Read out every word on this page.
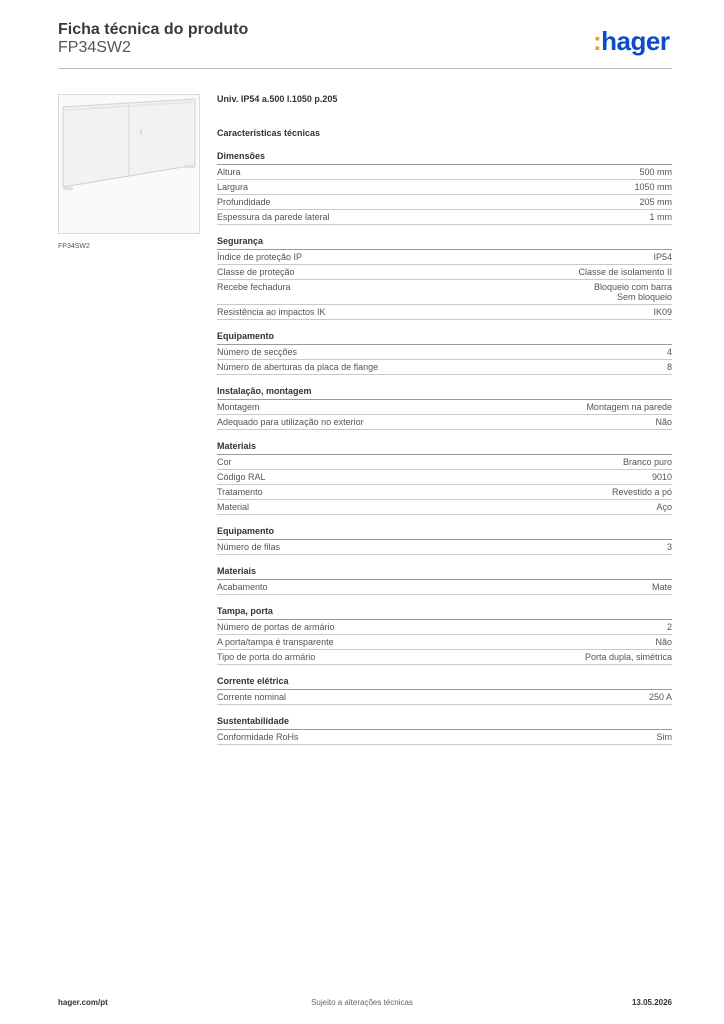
Ficha técnica do produto
FP34SW2	:hager
FP34SW2
Univ. IP54 a.500 l.1050 p.205
Características técnicas
Dimensões
Altura	500 mm
Largura	1050 mm
Profundidade	205 mm
Espessura da parede lateral	1 mm
Segurança
Índice de proteção IP	IP54
Classe de proteção	Classe de isolamento II
Recebe fechadura	Bloqueio com barra
Sem bloqueio
Resistência ao impactos IK	IK09
Equipamento
Número de secções	4
Número de aberturas da placa de flange	8
Instalação, montagem
Montagem	Montagem na parede
Adequado para utilização no exterior	Não
Materiais
Cor	Branco puro
Código RAL	9010
Tratamento	Revestido a pó
Material	Aço
Equipamento
Número de filas	3
Materiais
Acabamento	Mate
Tampa, porta
Número de portas de armário	2
A porta/tampa é transparente	Não
Tipo de porta do armário	Porta dupla, simétrica
Corrente elétrica
Corrente nominal	250 A
Sustentabilidade
Conformidade RoHs	Sim
hager.com/pt	Sujeito a alterações técnicas	13.05.2026
